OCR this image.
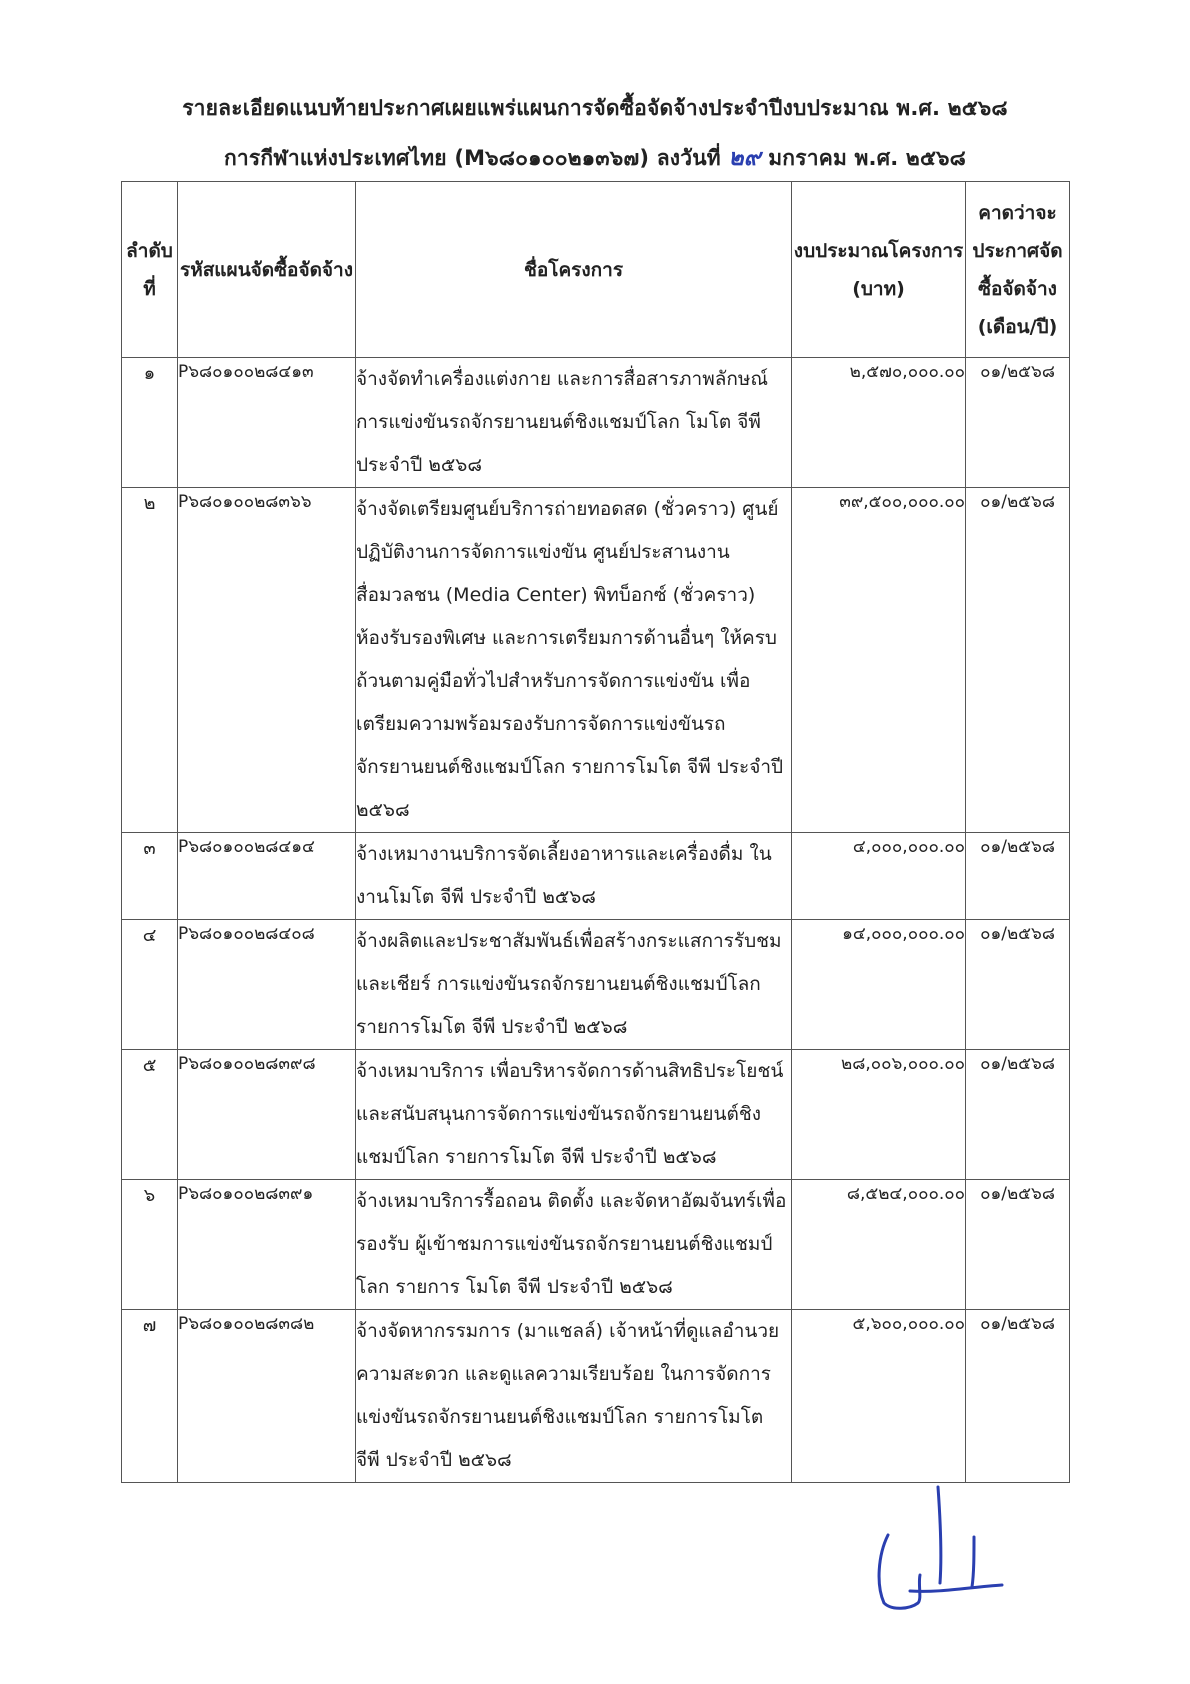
รายละเอียดแนบท้ายประกาศเผยแพร่แผนการจัดซื้อจัดจ้างประจำปีงบประมาณ พ.ศ. ๒๕๖๘
การกีฬาแห่งประเทศไทย (M๖๘๐๑๐๐๒๑๓๖๗) ลงวันที่ ๒๙ มกราคม พ.ศ. ๒๕๖๘
ลำดับที่	รหัสแผนจัดซื้อจัดจ้าง	ชื่อโครงการ	งบประมาณโครงการ (บาท)	คาดว่าจะประกาศจัดซื้อจัดจ้าง (เดือน/ปี)
๑	P๖๘๐๑๐๐๒๘๔๑๓	จ้างจัดทำเครื่องแต่งกาย และการสื่อสารภาพลักษณ์การแข่งขันรถจักรยานยนต์ชิงแชมป์โลก โมโต จีพี ประจำปี ๒๕๖๘	๒,๕๗๐,๐๐๐.๐๐	๐๑/๒๕๖๘
๒	P๖๘๐๑๐๐๒๘๓๖๖	จ้างจัดเตรียมศูนย์บริการถ่ายทอดสด (ชั่วคราว) ศูนย์ปฏิบัติงานการจัดการแข่งขัน ศูนย์ประสานงานสื่อมวลชน (Media Center) พิทบ็อกซ์ (ชั่วคราว) ห้องรับรองพิเศษ และการเตรียมการด้านอื่นๆ ให้ครบถ้วนตามคู่มือทั่วไปสำหรับการจัดการแข่งขัน เพื่อเตรียมความพร้อมรองรับการจัดการแข่งขันรถจักรยานยนต์ชิงแชมป์โลก รายการโมโต จีพี ประจำปี ๒๕๖๘	๓๙,๕๐๐,๐๐๐.๐๐	๐๑/๒๕๖๘
๓	P๖๘๐๑๐๐๒๘๔๑๔	จ้างเหมางานบริการจัดเลี้ยงอาหารและเครื่องดื่ม ในงานโมโต จีพี ประจำปี ๒๕๖๘	๔,๐๐๐,๐๐๐.๐๐	๐๑/๒๕๖๘
๔	P๖๘๐๑๐๐๒๘๔๐๘	จ้างผลิตและประชาสัมพันธ์เพื่อสร้างกระแสการรับชมและเชียร์ การแข่งขันรถจักรยานยนต์ชิงแชมป์โลก รายการโมโต จีพี ประจำปี ๒๕๖๘	๑๔,๐๐๐,๐๐๐.๐๐	๐๑/๒๕๖๘
๕	P๖๘๐๑๐๐๒๘๓๙๘	จ้างเหมาบริการ เพื่อบริหารจัดการด้านสิทธิประโยชน์ และสนับสนุนการจัดการแข่งขันรถจักรยานยนต์ชิงแชมป์โลก รายการโมโต จีพี ประจำปี ๒๕๖๘	๒๘,๐๐๖,๐๐๐.๐๐	๐๑/๒๕๖๘
๖	P๖๘๐๑๐๐๒๘๓๙๑	จ้างเหมาบริการรื้อถอน ติดตั้ง และจัดหาอัฒจันทร์เพื่อรองรับ ผู้เข้าชมการแข่งขันรถจักรยานยนต์ชิงแชมป์โลก รายการ โมโต จีพี ประจำปี ๒๕๖๘	๘,๕๒๔,๐๐๐.๐๐	๐๑/๒๕๖๘
๗	P๖๘๐๑๐๐๒๘๓๘๒	จ้างจัดหากรรมการ (มาแชลล์) เจ้าหน้าที่ดูแลอำนวยความสะดวก และดูแลความเรียบร้อย ในการจัดการแข่งขันรถจักรยานยนต์ชิงแชมป์โลก รายการโมโต จีพี ประจำปี ๒๕๖๘	๕,๖๐๐,๐๐๐.๐๐	๐๑/๒๕๖๘
